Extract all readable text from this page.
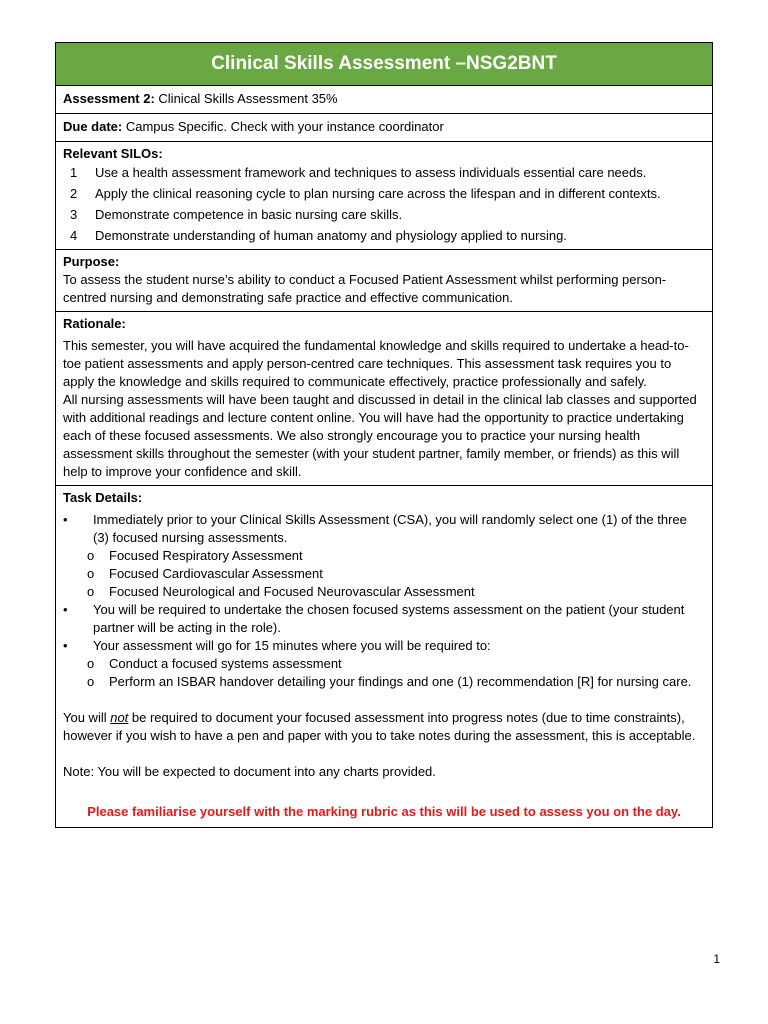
Clinical Skills Assessment –NSG2BNT
Assessment 2: Clinical Skills Assessment 35%
Due date: Campus Specific. Check with your instance coordinator
Relevant SILOs:
1	Use a health assessment framework and techniques to assess individuals essential care needs.
2	Apply the clinical reasoning cycle to plan nursing care across the lifespan and in different contexts.
3	Demonstrate competence in basic nursing care skills.
4	Demonstrate understanding of human anatomy and physiology applied to nursing.
Purpose:

To assess the student nurse’s ability to conduct a Focused Patient Assessment whilst performing person-centred nursing and demonstrating safe practice and effective communication.

Rationale:

This semester, you will have acquired the fundamental knowledge and skills required to undertake a head-to-toe patient assessments and apply person-centred care techniques. This assessment task requires you to apply the knowledge and skills required to communicate effectively, practice professionally and safely.

All nursing assessments will have been taught and discussed in detail in the clinical lab classes and supported with additional readings and lecture content online. You will have had the opportunity to practice undertaking each of these focused assessments. We also strongly encourage you to practice your nursing health assessment skills throughout the semester (with your student partner, family member, or friends) as this will help to improve your confidence and skill.

Task Details:
•	Immediately prior to your Clinical Skills Assessment (CSA), you will randomly select one (1) of the three (3) focused nursing assessments.
o	Focused Respiratory Assessment
o	Focused Cardiovascular Assessment
o	Focused Neurological and Focused Neurovascular Assessment
•	You will be required to undertake the chosen focused systems assessment on the patient (your student partner will be acting in the role).
•	Your assessment will go for 15 minutes where you will be required to:
o	Conduct a focused systems assessment
o	Perform an ISBAR handover detailing your findings and one (1) recommendation [R] for nursing care.

You will not be required to document your focused assessment into progress notes (due to time constraints), however if you wish to have a pen and paper with you to take notes during the assessment, this is acceptable.

Note: You will be expected to document into any charts provided.

Please familiarise yourself with the marking rubric as this will be used to assess you on the day.

1
